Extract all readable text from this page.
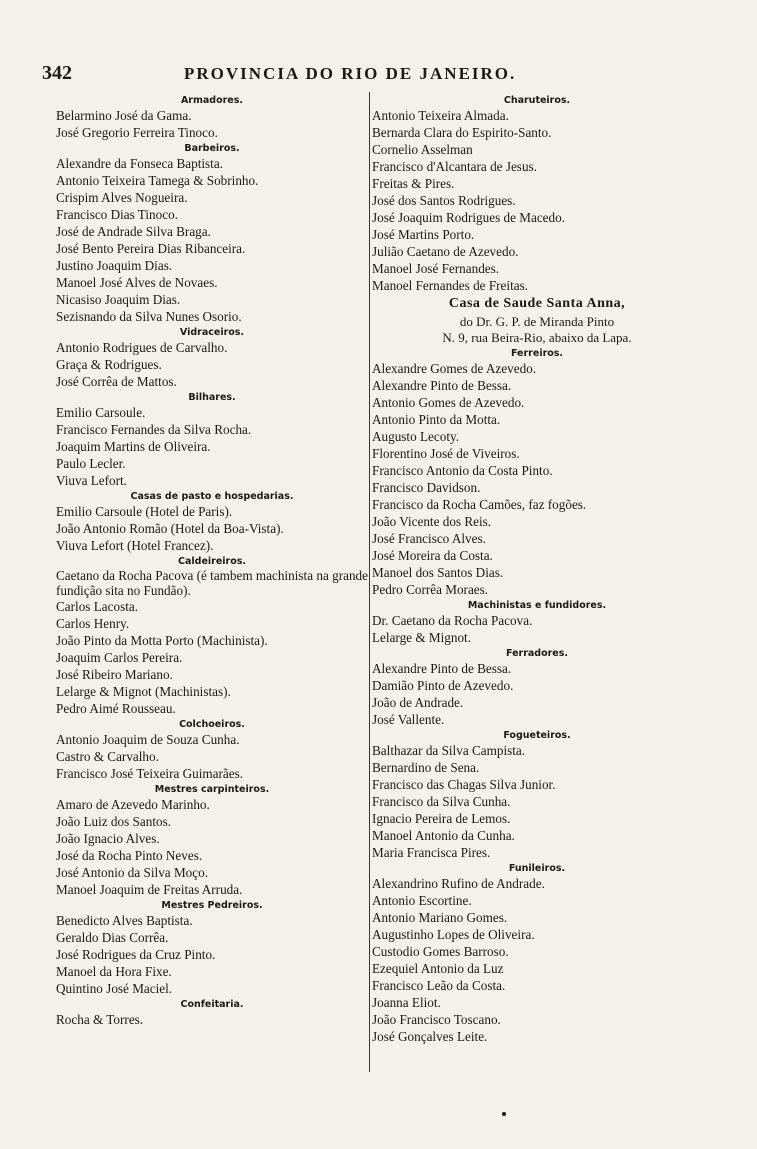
342	PROVINCIA DO RIO DE JANEIRO.
Armadores.
Belarmino José da Gama.
José Gregorio Ferreira Tinoco.
Barbeiros.
Alexandre da Fonseca Baptista.
Antonio Teixeira Tamega & Sobrinho.
Crispim Alves Nogueira.
Francisco Dias Tinoco.
José de Andrade Silva Braga.
José Bento Pereira Dias Ribanceira.
Justino Joaquim Dias.
Manoel José Alves de Novaes.
Nicasiso Joaquim Dias.
Sezisnando da Silva Nunes Osorio.
Vidraceiros.
Antonio Rodrigues de Carvalho.
Graça & Rodrigues.
José Corrêa de Mattos.
Bilhares.
Emilio Carsoule.
Francisco Fernandes da Silva Rocha.
Joaquim Martins de Oliveira.
Paulo Lecler.
Viuva Lefort.
Casas de pasto e hospedarias.
Emilio Carsoule (Hotel de Paris).
João Antonio Romão (Hotel da Boa-Vista).
Viuva Lefort (Hotel Francez).
Caldeireiros.
Caetano da Rocha Pacova (é tambem machinista na grande fundição sita no Fundão).
Carlos Lacosta.
Carlos Henry.
João Pinto da Motta Porto (Machinista).
Joaquim Carlos Pereira.
José Ribeiro Mariano.
Lelarge & Mignot (Machinistas).
Pedro Aimé Rousseau.
Colchoeiros.
Antonio Joaquim de Souza Cunha.
Castro & Carvalho.
Francisco José Teixeira Guimarães.
Mestres carpinteiros.
Amaro de Azevedo Marinho.
João Luiz dos Santos.
João Ignacio Alves.
José da Rocha Pinto Neves.
José Antonio da Silva Moço.
Manoel Joaquim de Freitas Arruda.
Mestres Pedreiros.
Benedicto Alves Baptista.
Geraldo Dias Corrêa.
José Rodrigues da Cruz Pinto.
Manoel da Hora Fixe.
Quintino José Maciel.
Confeitaria.
Rocha & Torres.
Charuteiros.
Antonio Teixeira Almada.
Bernarda Clara do Espirito-Santo.
Cornelio Asselman
Francisco d'Alcantara de Jesus.
Freitas & Pires.
José dos Santos Rodrigues.
José Joaquim Rodrigues de Macedo.
José Martins Porto.
Julião Caetano de Azevedo.
Manoel José Fernandes.
Manoel Fernandes de Freitas.
Casa de Saude Santa Anna,
do Dr. G. P. de Miranda Pinto
N. 9, rua Beira-Rio, abaixo da Lapa.
Ferreiros.
Alexandre Gomes de Azevedo.
Alexandre Pinto de Bessa.
Antonio Gomes de Azevedo.
Antonio Pinto da Motta.
Augusto Lecoty.
Florentino José de Viveiros.
Francisco Antonio da Costa Pinto.
Francisco Davidson.
Francisco da Rocha Camões, faz fogões.
João Vicente dos Reis.
José Francisco Alves.
José Moreira da Costa.
Manoel dos Santos Dias.
Pedro Corrêa Moraes.
Machinistas e fundidores.
Dr. Caetano da Rocha Pacova.
Lelarge & Mignot.
Ferradores.
Alexandre Pinto de Bessa.
Damião Pinto de Azevedo.
João de Andrade.
José Vallente.
Fogueteiros.
Balthazar da Silva Campista.
Bernardino de Sena.
Francisco das Chagas Silva Junior.
Francisco da Silva Cunha.
Ignacio Pereira de Lemos.
Manoel Antonio da Cunha.
Maria Francisca Pires.
Funileiros.
Alexandrino Rufino de Andrade.
Antonio Escortine.
Antonio Mariano Gomes.
Augustinho Lopes de Oliveira.
Custodio Gomes Barroso.
Ezequiel Antonio da Luz
Francisco Leão da Costa.
Joanna Eliot.
João Francisco Toscano.
José Gonçalves Leite.
